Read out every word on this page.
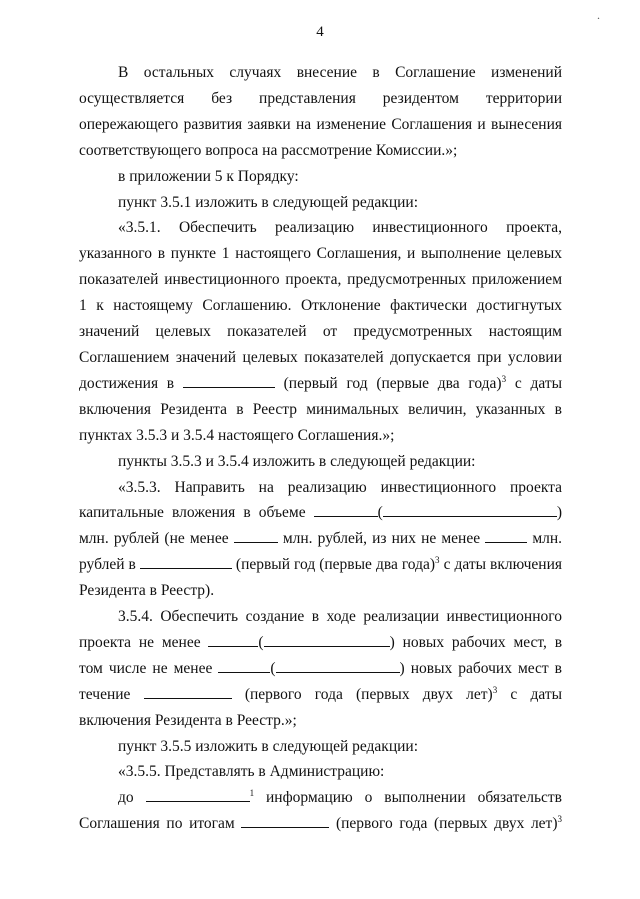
4
.

В остальных случаях внесение в Соглашение изменений осуществляется без представления резидентом территории опережающего развития заявки на изменение Соглашения и вынесения соответствующего вопроса на рассмотрение Комиссии.»;

в приложении 5 к Порядку:

пункт 3.5.1 изложить в следующей редакции:

«3.5.1. Обеспечить реализацию инвестиционного проекта, указанного в пункте 1 настоящего Соглашения, и выполнение целевых показателей инвестиционного проекта, предусмотренных приложением 1 к настоящему Соглашению. Отклонение фактически достигнутых значений целевых показателей от предусмотренных настоящим Соглашением значений целевых показателей допускается при условии достижения в	(первый год (первые два года)$^3$ с даты включения Резидента в Реестр минимальных величин, указанных в пунктах 3.5.3 и 3.5.4 настоящего Соглашения.»;

пункты 3.5.3 и 3.5.4 изложить в следующей редакции:

«3.5.3. Направить на реализацию инвестиционного проекта капитальные вложения в объеме	(	) млн. рублей (не менее	млн. рублей, из них не менее	млн. рублей в	(первый год (первые два года)$^3$ с даты включения Резидента в Реестр).

3.5.4. Обеспечить создание в ходе реализации инвестиционного проекта не менее	(	) новых рабочих мест, в том числе не менее	(	) новых рабочих мест в течение	(первого года (первых двух лет)$^3$ с даты включения Резидента в Реестр.»;

пункт 3.5.5 изложить в следующей редакции:

«3.5.5. Представлять в Администрацию:

до	$^1$ информацию о выполнении обязательств Соглашения по итогам	(первого года (первых двух лет)$^3$
